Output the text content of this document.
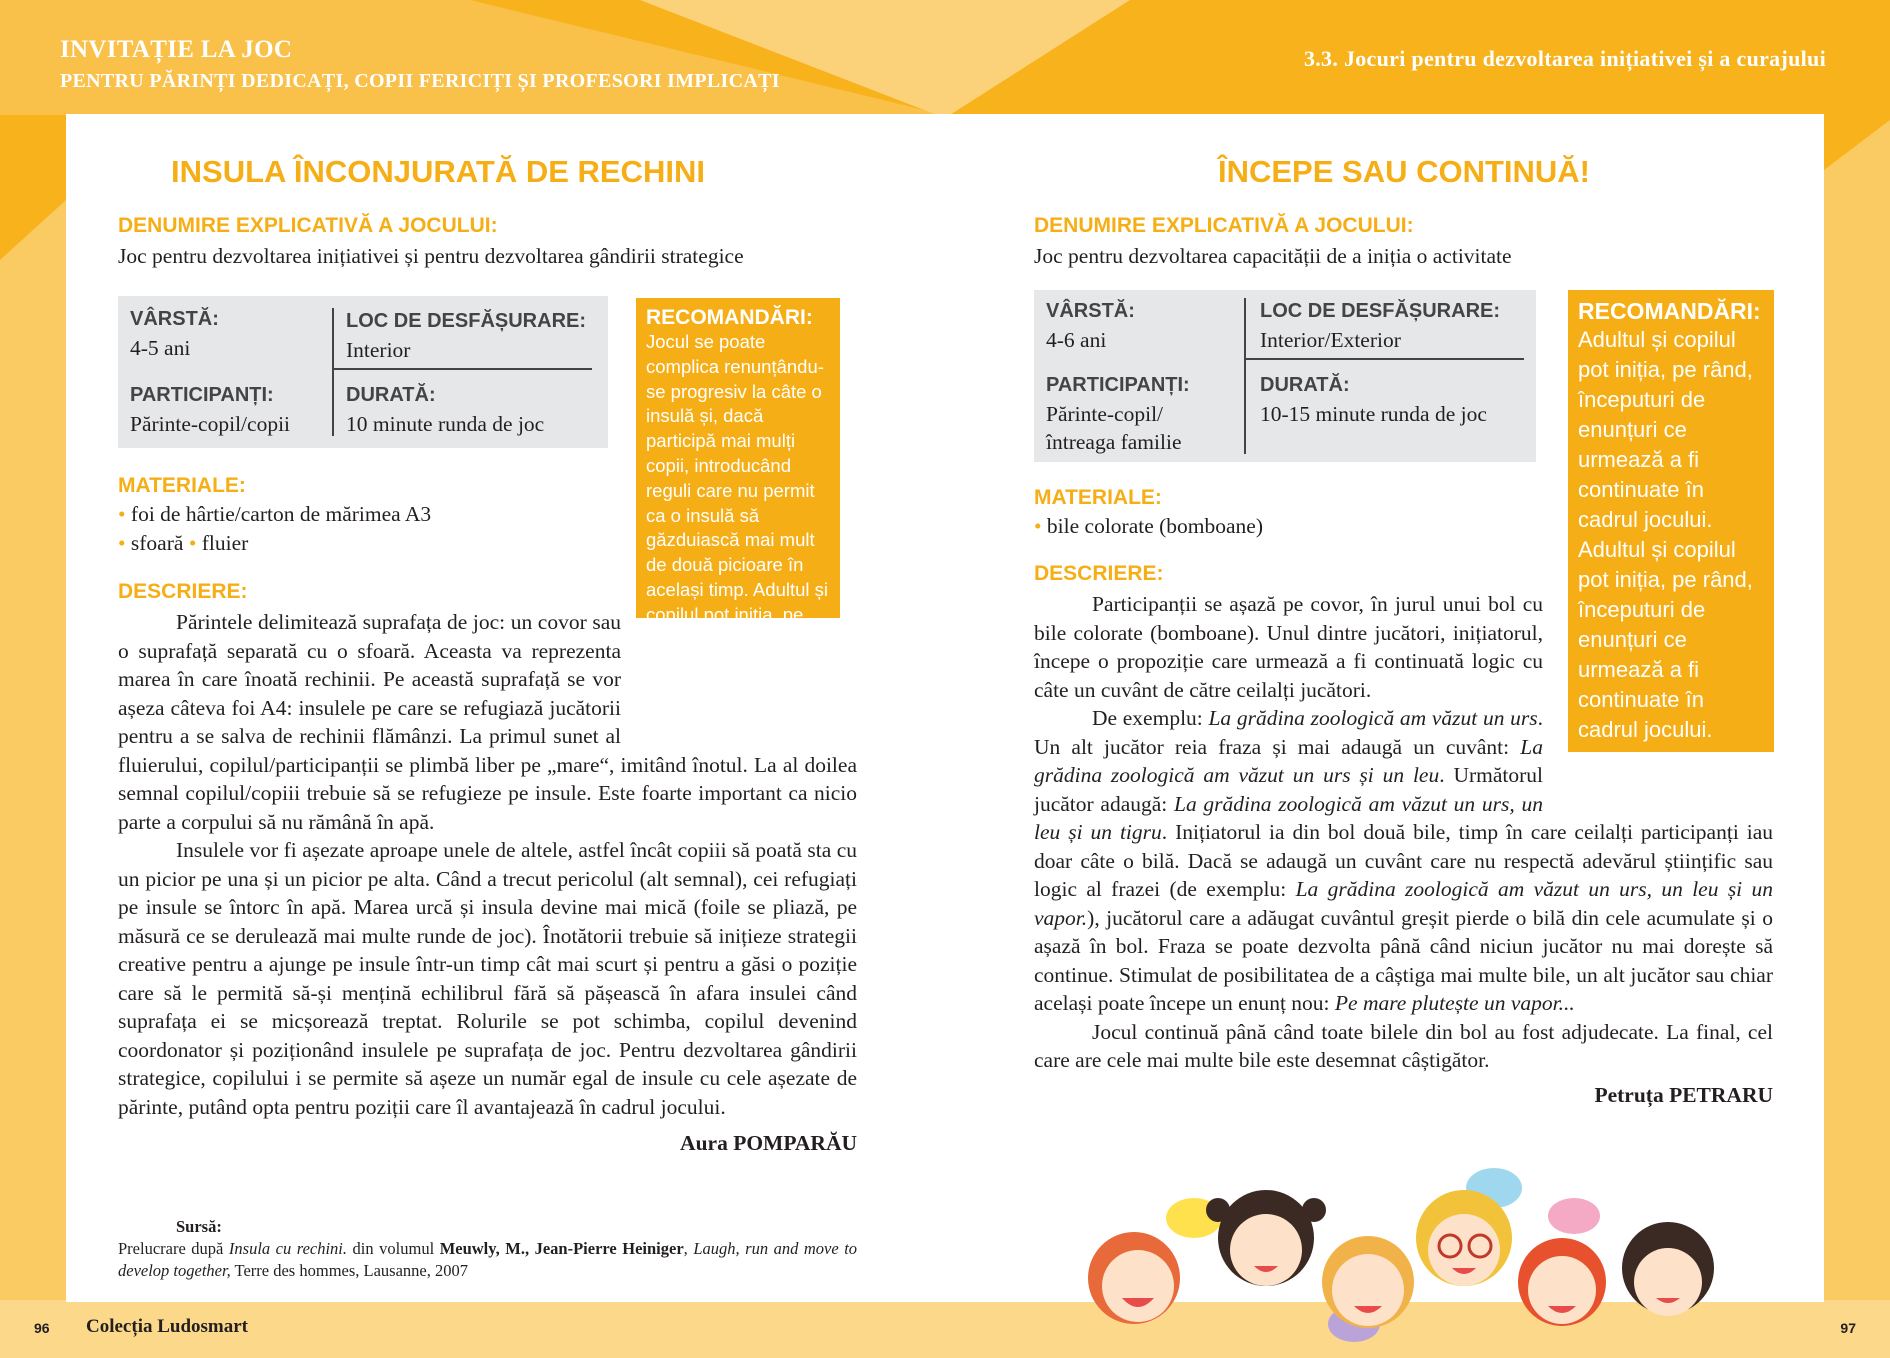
INVITAȚIE LA JOC
PENTRU PĂRINȚI DEDICAȚI, COPII FERICIȚI ȘI PROFESORI IMPLICAȚI
3.3. Jocuri pentru dezvoltarea inițiativei și a curajului
INSULA ÎNCONJURATĂ DE RECHINI
DENUMIRE EXPLICATIVĂ A JOCULUI:
Joc pentru dezvoltarea inițiativei și pentru dezvoltarea gândirii strategice
VÂRSTĂ:
4-5 ani
LOC DE DESFĂȘURARE:
Interior
PARTICIPANȚI:
Părinte-copil/copii
DURATĂ:
10 minute runda de joc
RECOMANDĂRI:
Jocul se poate complica renunțându-se progresiv la câte o insulă și, dacă participă mai mulți copii, introducând reguli care nu permit ca o insulă să găzduiască mai mult de două picioare în același timp. Adultul și copilul pot iniția, pe rând, începuturi de enunțuri ce urmează a fi continuate în cadrul jocului.
MATERIALE:
• foi de hârtie/carton de mărimea A3
• sfoară • fluier
DESCRIERE:
Părintele delimitează suprafața de joc: un covor sau o suprafață separată cu o sfoară. Aceasta va reprezenta marea în care înoată rechinii. Pe această suprafață se vor așeza câteva foi A4: insulele pe care se refugiază jucătorii pentru a se salva de rechinii flămânzi. La primul sunet al fluierului, copilul/participanții se plimbă liber pe „mare“, imitând înotul. La al doilea semnal copilul/copiii trebuie să se refugieze pe insule. Este foarte important ca nicio parte a corpului să nu rămână în apă.
Insulele vor fi așezate aproape unele de altele, astfel încât copiii să poată sta cu un picior pe una și un picior pe alta. Când a trecut pericolul (alt semnal), cei refugiați pe insule se întorc în apă. Marea urcă și insula devine mai mică (foile se pliază, pe măsură ce se derulează mai multe runde de joc). Înotătorii trebuie să inițieze strategii creative pentru a ajunge pe insule într-un timp cât mai scurt și pentru a găsi o poziție care să le permită să-și mențină echilibrul fără să pășească în afara insulei când suprafața ei se micșorează treptat. Rolurile se pot schimba, copilul devenind coordonator și poziționând insulele pe suprafața de joc. Pentru dezvoltarea gândirii strategice, copilului i se permite să așeze un număr egal de insule cu cele așezate de părinte, putând opta pentru poziții care îl avantajează în cadrul jocului.
Aura POMPARĂU
Sursă:
Prelucrare după Insula cu rechini. din volumul Meuwly, M., Jean-Pierre Heiniger, Laugh, run and move to develop together, Terre des hommes, Lausanne, 2007
ÎNCEPE SAU CONTINUĂ!
DENUMIRE EXPLICATIVĂ A JOCULUI:
Joc pentru dezvoltarea capacității de a iniția o activitate
VÂRSTĂ:
4-6 ani
LOC DE DESFĂȘURARE:
Interior/Exterior
PARTICIPANȚI:
Părinte-copil/ întreaga familie
DURATĂ:
10-15 minute runda de joc
RECOMANDĂRI:
Adultul și copilul pot iniția, pe rând, începuturi de enunțuri ce urmează a fi continuate în cadrul jocului. Adultul și copilul pot iniția, pe rând, începuturi de enunțuri ce urmează a fi continuate în cadrul jocului.
MATERIALE:
• bile colorate (bomboane)
DESCRIERE:
Participanții se așază pe covor, în jurul unui bol cu bile colorate (bomboane). Unul dintre jucători, inițiatorul, începe o propoziție care urmează a fi continuată logic cu câte un cuvânt de către ceilalți jucători.
De exemplu: La grădina zoologică am văzut un urs. Un alt jucător reia fraza și mai adaugă un cuvânt: La grădina zoologică am văzut un urs și un leu. Următorul jucător adaugă: La grădina zoologică am văzut un urs, un leu și un tigru. Inițiatorul ia din bol două bile, timp în care ceilalți participanți iau doar câte o bilă. Dacă se adaugă un cuvânt care nu respectă adevărul științific sau logic al frazei (de exemplu: La grădina zoologică am văzut un urs, un leu și un vapor.), jucătorul care a adăugat cuvântul greșit pierde o bilă din cele acumulate și o așază în bol. Fraza se poate dezvolta până când niciun jucător nu mai dorește să continue. Stimulat de posibilitatea de a câștiga mai multe bile, un alt jucător sau chiar același poate începe un enunț nou: Pe mare plutește un vapor...
Jocul continuă până când toate bilele din bol au fost adjudecate. La final, cel care are cele mai multe bile este desemnat câștigător.
Petruța PETRARU
96 Colecția Ludosmart	97
